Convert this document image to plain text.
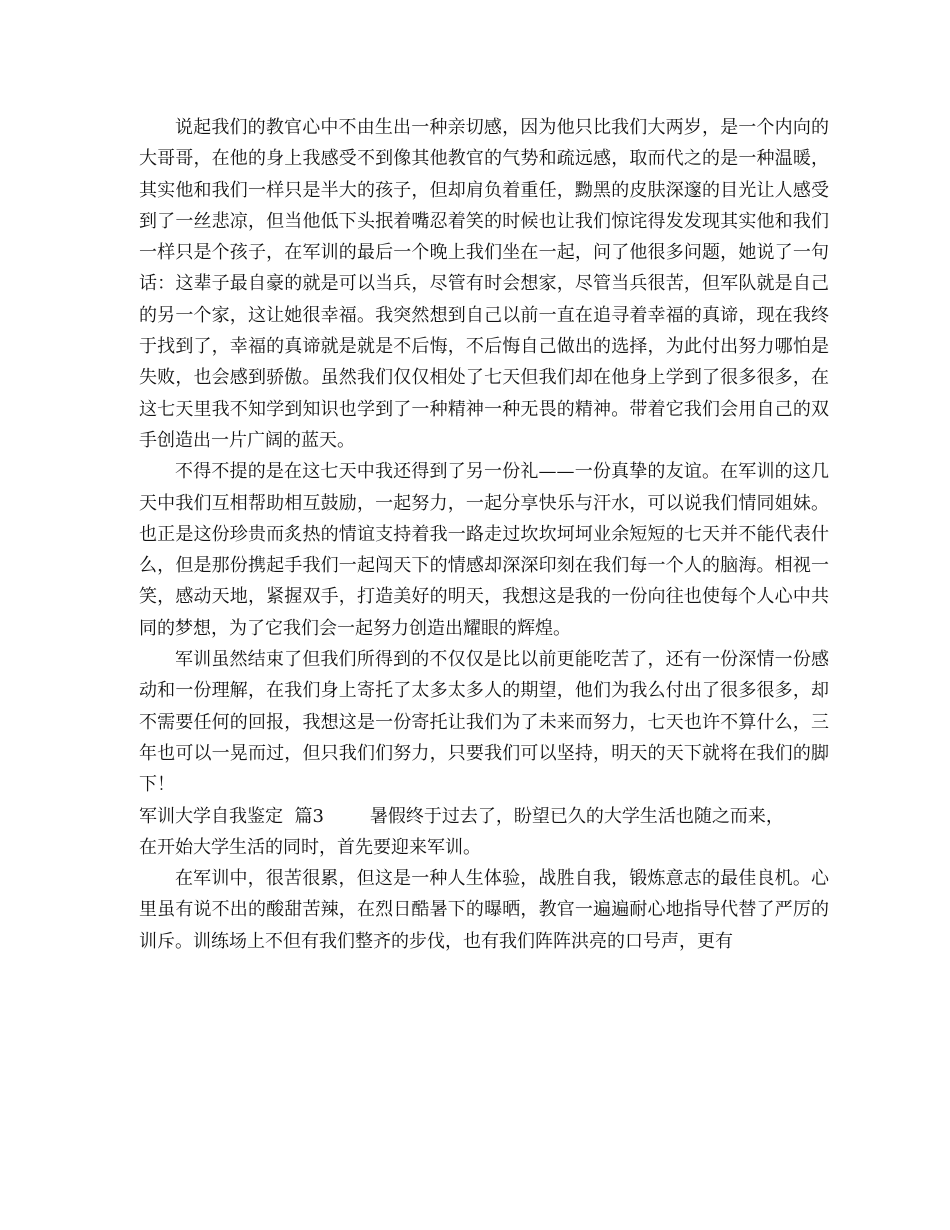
说起我们的教官心中不由生出一种亲切感，因为他只比我们大两岁，是一个内向的大哥哥，在他的身上我感受不到像其他教官的气势和疏远感，取而代之的是一种温暖，其实他和我们一样只是半大的孩子，但却肩负着重任，黝黑的皮肤深邃的目光让人感受到了一丝悲凉，但当他低下头抿着嘴忍着笑的时候也让我们惊诧得发发现其实他和我们一样只是个孩子，在军训的最后一个晚上我们坐在一起，问了他很多问题，她说了一句话：这辈子最自豪的就是可以当兵，尽管有时会想家，尽管当兵很苦，但军队就是自己的另一个家，这让她很幸福。我突然想到自己以前一直在追寻着幸福的真谛，现在我终于找到了，幸福的真谛就是就是不后悔，不后悔自己做出的选择，为此付出努力哪怕是失败，也会感到骄傲。虽然我们仅仅相处了七天但我们却在他身上学到了很多很多，在这七天里我不知学到知识也学到了一种精神一种无畏的精神。带着它我们会用自己的双手创造出一片广阔的蓝天。

不得不提的是在这七天中我还得到了另一份礼——一份真挚的友谊。在军训的这几天中我们互相帮助相互鼓励，一起努力，一起分享快乐与汗水，可以说我们情同姐妹。也正是这份珍贵而炙热的情谊支持着我一路走过坎坎坷坷业余短短的七天并不能代表什么，但是那份携起手我们一起闯天下的情感却深深印刻在我们每一个人的脑海。相视一笑，感动天地，紧握双手，打造美好的明天，我想这是我的一份向往也使每个人心中共同的梦想，为了它我们会一起努力创造出耀眼的辉煌。

军训虽然结束了但我们所得到的不仅仅是比以前更能吃苦了，还有一份深情一份感动和一份理解，在我们身上寄托了太多太多人的期望，他们为我么付出了很多很多，却不需要任何的回报，我想这是一份寄托让我们为了未来而努力，七天也许不算什么，三年也可以一晃而过，但只我们们努力，只要我们可以坚持，明天的天下就将在我们的脚下！

军训大学自我鉴定  篇3	暑假终于过去了，盼望已久的大学生活也随之而来，

在开始大学生活的同时，首先要迎来军训。

在军训中，很苦很累，但这是一种人生体验，战胜自我，锻炼意志的最佳良机。心里虽有说不出的酸甜苦辣，在烈日酷暑下的曝晒，教官一遍遍耐心地指导代替了严厉的训斥。训练场上不但有我们整齐的步伐，也有我们阵阵洪亮的口号声，更有
